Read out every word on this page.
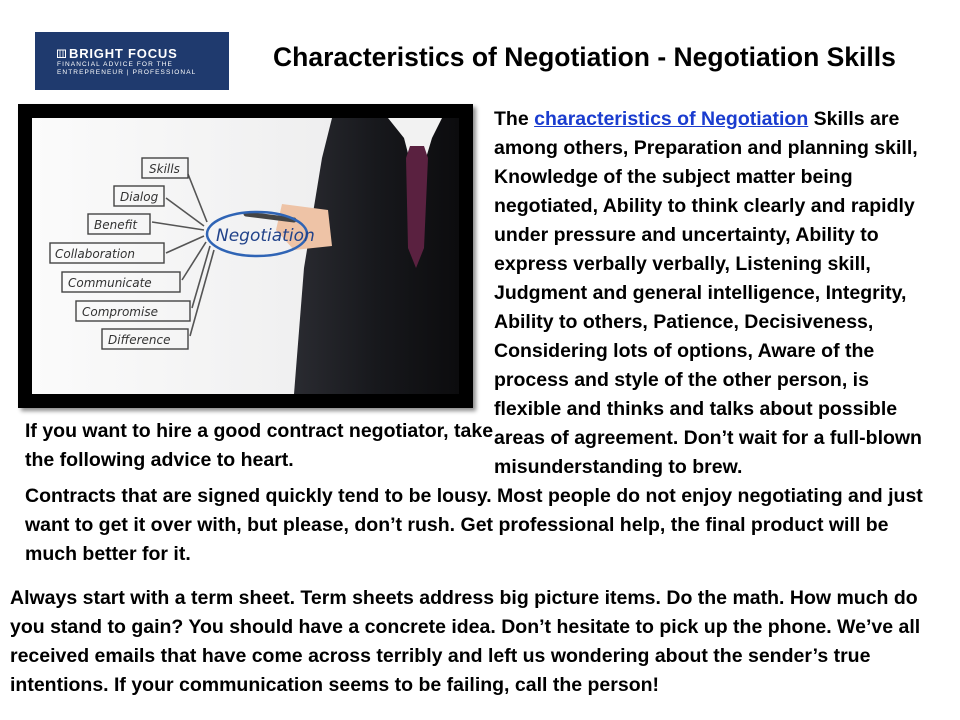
BRIGHT FOCUS
FINANCIAL ADVICE FOR THE
ENTREPRENEUR | PROFESSIONAL	Characteristics of Negotiation - Negotiation Skills
Negotiation
Skills
Dialog
Benefit
Collaboration
Communicate
Compromise
Difference
The characteristics of Negotiation Skills are among others, Preparation and planning skill, Knowledge of the subject matter being negotiated, Ability to think clearly and rapidly under pressure and uncertainty, Ability to express verbally verbally, Listening skill, Judgment and general intelligence, Integrity, Ability to others, Patience, Decisiveness, Considering lots of options, Aware of the process and style of the other person, is flexible and thinks and talks about possible areas of agreement. Don’t wait for a full-blown misunderstanding to brew.
If you want to hire a good contract negotiator, take the following advice to heart.
Contracts that are signed quickly tend to be lousy. Most people do not enjoy negotiating and just want to get it over with, but please, don’t rush. Get professional help, the final product will be much better for it.
Always start with a term sheet. Term sheets address big picture items. Do the math. How much do you stand to gain? You should have a concrete idea. Don’t hesitate to pick up the phone. We’ve all received emails that have come across terribly and left us wondering about the sender’s true intentions. If your communication seems to be failing, call the person!
